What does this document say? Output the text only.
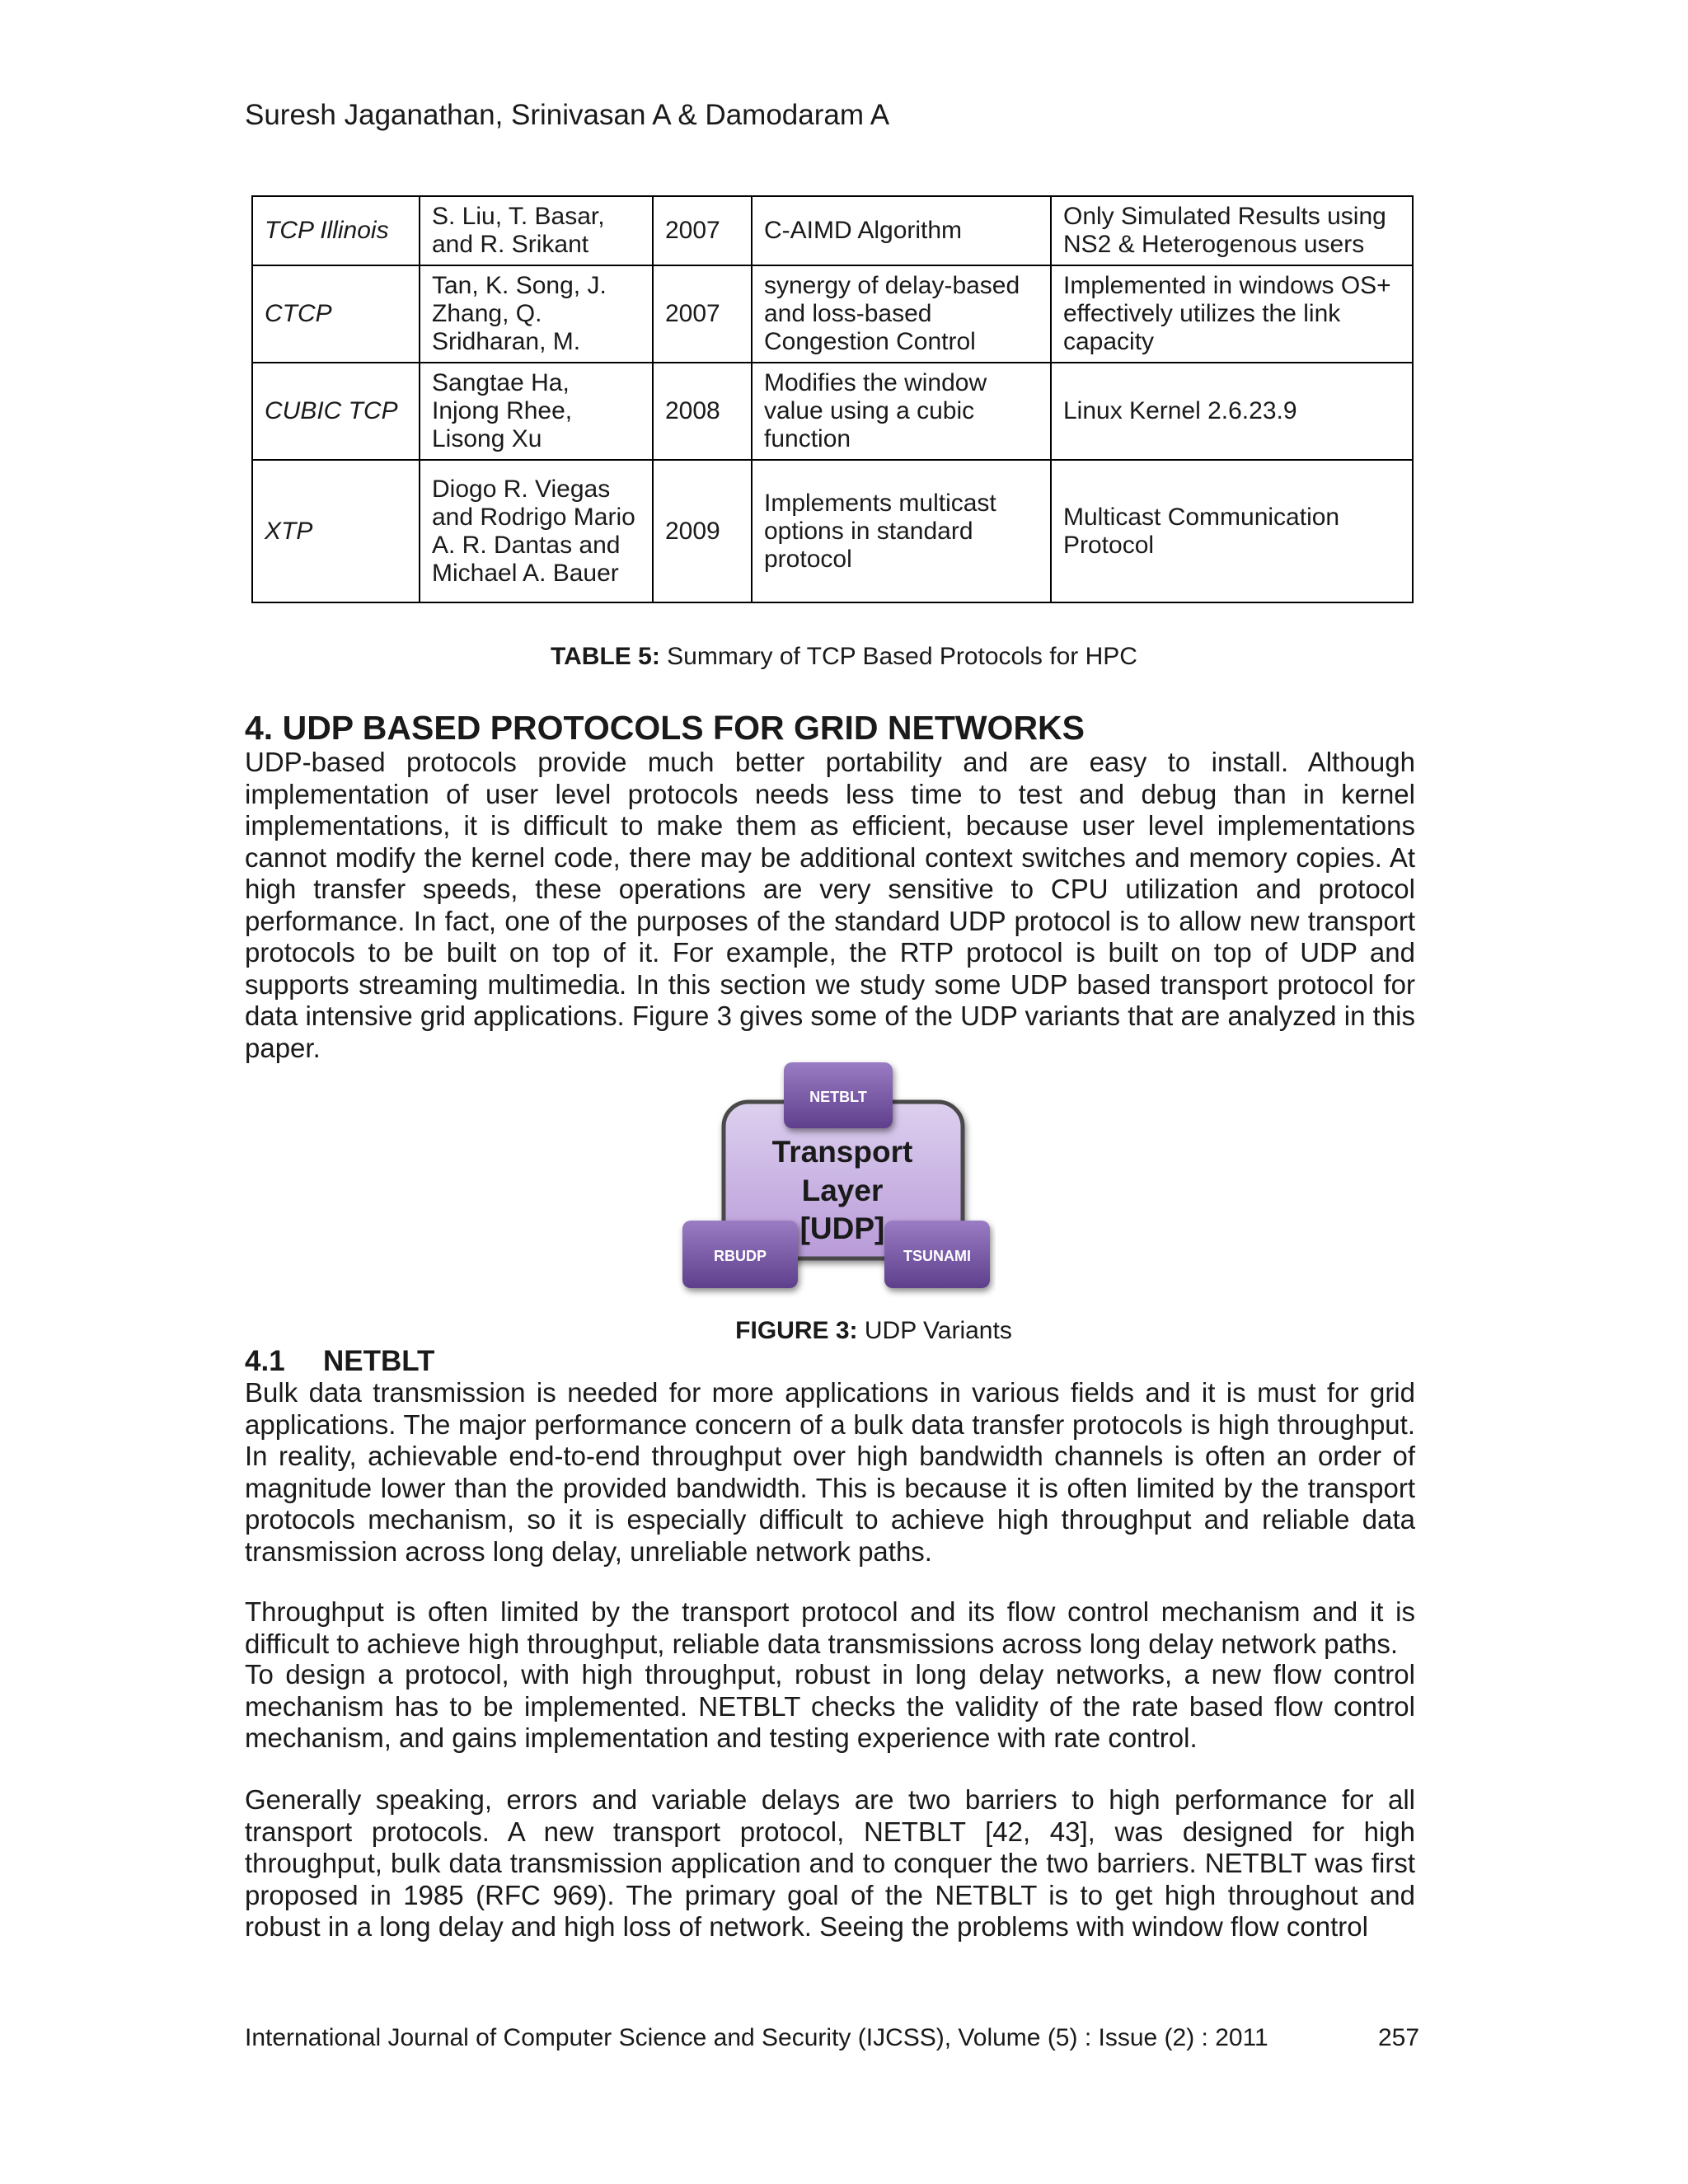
Suresh Jaganathan, Srinivasan A & Damodaram A
TCP Illinois	S. Liu, T. Basar, and R. Srikant	2007	C-AIMD Algorithm	Only Simulated Results using NS2 & Heterogenous users
CTCP	Tan, K. Song, J. Zhang, Q. Sridharan, M.	2007	synergy of delay-based and loss-based Congestion Control	Implemented in windows OS+ effectively utilizes the link capacity
CUBIC TCP	Sangtae Ha, Injong Rhee, Lisong Xu	2008	Modifies the window value using a cubic function	Linux Kernel 2.6.23.9
XTP	Diogo R. Viegas and Rodrigo Mario A. R. Dantas and Michael A. Bauer	2009	Implements multicast options in standard protocol	Multicast Communication Protocol
TABLE 5: Summary of TCP Based Protocols for HPC
4. UDP BASED PROTOCOLS FOR GRID NETWORKS

UDP-based protocols provide much better portability and are easy to install. Although implementation of user level protocols needs less time to test and debug than in kernel implementations, it is difficult to make them as efficient, because user level implementations cannot modify the kernel code, there may be additional context switches and memory copies. At high transfer speeds, these operations are very sensitive to CPU utilization and protocol performance. In fact, one of the purposes of the standard UDP protocol is to allow new transport protocols to be built on top of it. For example, the RTP protocol is built on top of UDP and supports streaming multimedia. In this section we study some UDP based transport protocol for data intensive grid applications. Figure 3 gives some of the UDP variants that are analyzed in this paper.

Transport
Layer
[UDP]
NETBLT
RBUDP	TSUNAMI
FIGURE 3: UDP Variants
4.1 NETBLT

Bulk data transmission is needed for more applications in various fields and it is must for grid applications. The major performance concern of a bulk data transfer protocols is high throughput. In reality, achievable end-to-end throughput over high bandwidth channels is often an order of magnitude lower than the provided bandwidth. This is because it is often limited by the transport protocols mechanism, so it is especially difficult to achieve high throughput and reliable data transmission across long delay, unreliable network paths.

Throughput is often limited by the transport protocol and its flow control mechanism and it is difficult to achieve high throughput, reliable data transmissions across long delay network paths.

To design a protocol, with high throughput, robust in long delay networks, a new flow control mechanism has to be implemented. NETBLT checks the validity of the rate based flow control mechanism, and gains implementation and testing experience with rate control.

Generally speaking, errors and variable delays are two barriers to high performance for all transport protocols. A new transport protocol, NETBLT [42, 43], was designed for high throughput, bulk data transmission application and to conquer the two barriers. NETBLT was first proposed in 1985 (RFC 969). The primary goal of the NETBLT is to get high throughout and robust in a long delay and high loss of network. Seeing the problems with window flow control

International Journal of Computer Science and Security (IJCSS), Volume (5) : Issue (2) : 2011	257
